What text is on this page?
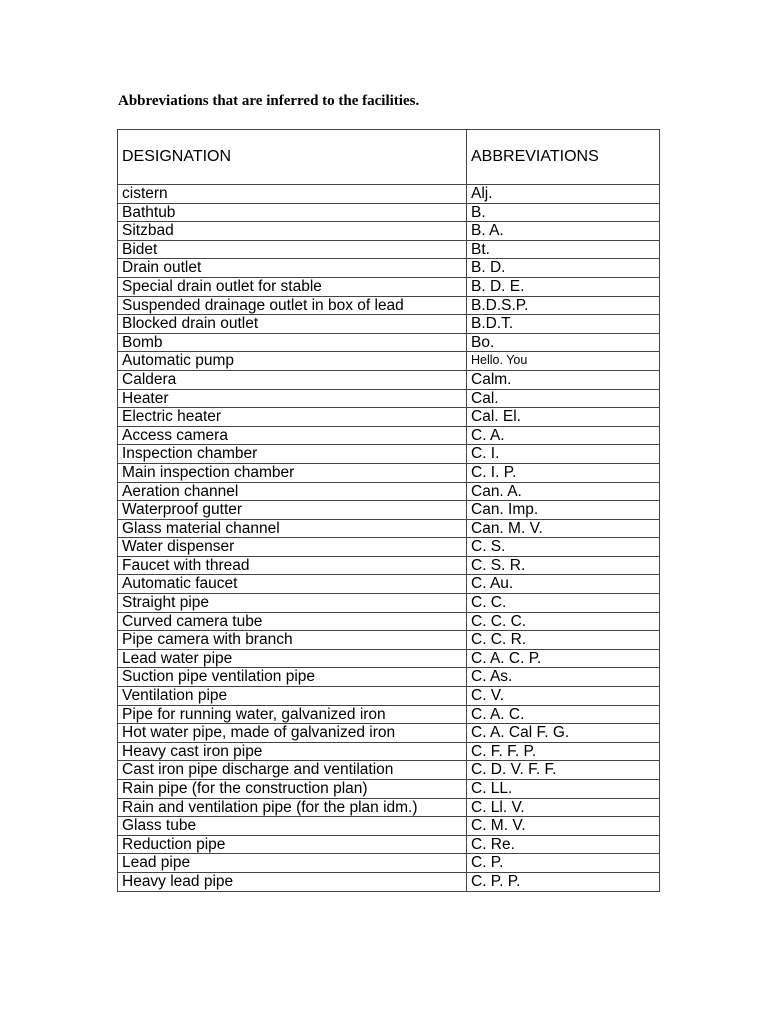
Abbreviations that are inferred to the facilities.
DESIGNATION	ABBREVIATIONS
cistern	Alj.
Bathtub	B.
Sitzbad	B. A.
Bidet	Bt.
Drain outlet	B. D.
Special drain outlet for stable	B. D. E.
Suspended drainage outlet in box of lead	B.D.S.P.
Blocked drain outlet	B.D.T.
Bomb	Bo.
Automatic pump	Hello. You
Caldera	Calm.
Heater	Cal.
Electric heater	Cal. El.
Access camera	C. A.
Inspection chamber	C. I.
Main inspection chamber	C. I. P.
Aeration channel	Can. A.
Waterproof gutter	Can. Imp.
Glass material channel	Can. M. V.
Water dispenser	C. S.
Faucet with thread	C. S. R.
Automatic faucet	C. Au.
Straight pipe	C. C.
Curved camera tube	C. C. C.
Pipe camera with branch	C. C. R.
Lead water pipe	C. A. C. P.
Suction pipe ventilation pipe	C. As.
Ventilation pipe	C. V.
Pipe for running water, galvanized iron	C. A. C.
Hot water pipe, made of galvanized iron	C. A. Cal F. G.
Heavy cast iron pipe	C. F. F. P.
Cast iron pipe discharge and ventilation	C. D. V. F. F.
Rain pipe (for the construction plan)	C. LL.
Rain and ventilation pipe (for the plan idm.)	C. Ll. V.
Glass tube	C. M. V.
Reduction pipe	C. Re.
Lead pipe	C. P.
Heavy lead pipe	C. P. P.
